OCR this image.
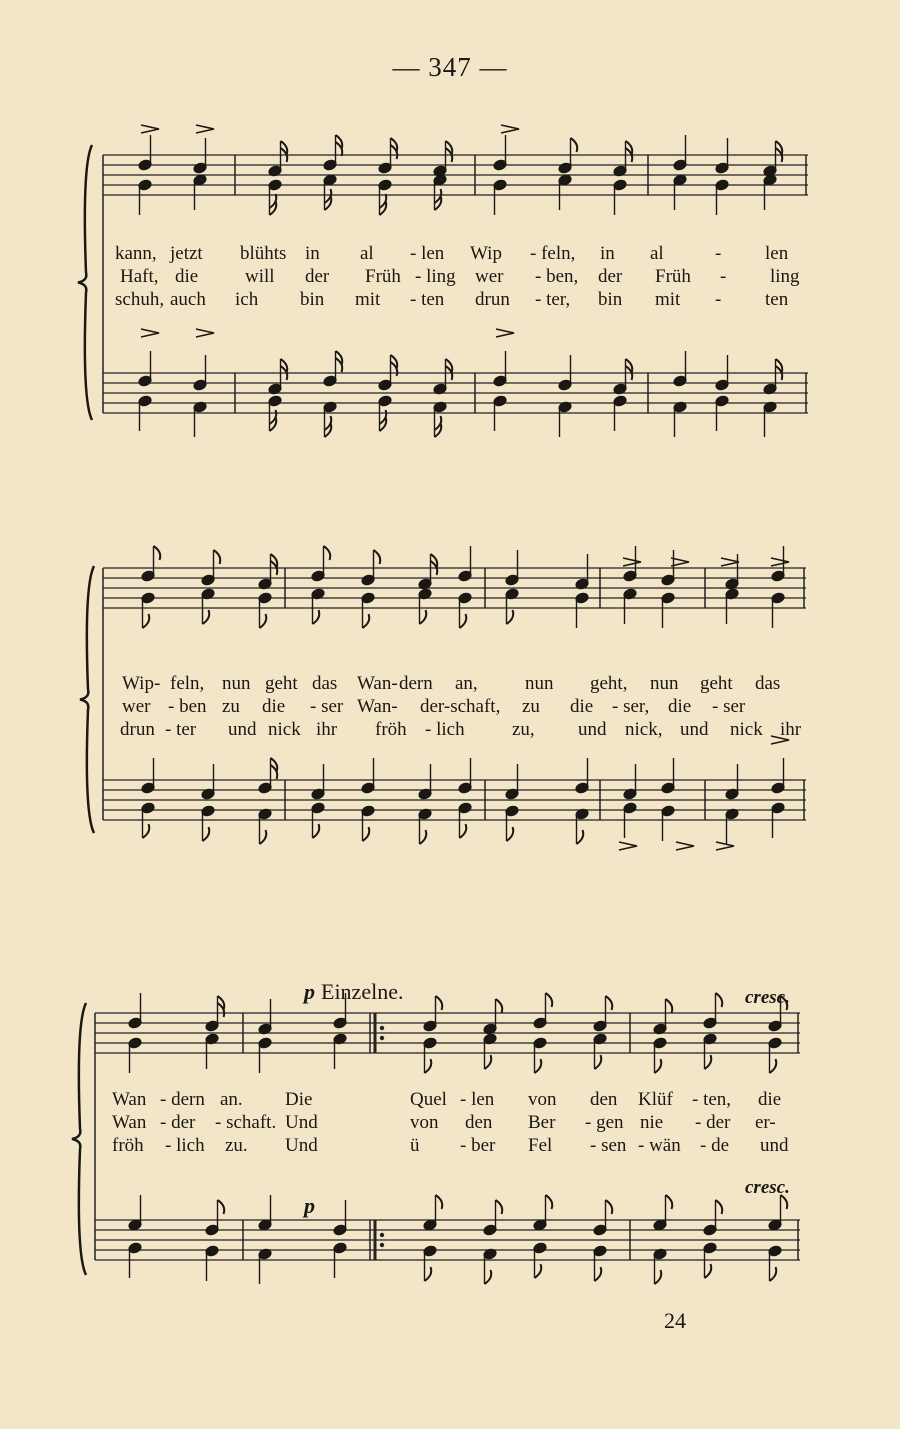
— 347 —
kann, jetzt blühts in al - len Wip - feln, in al	- len
Haft, die will der Früh - ling wer - ben, der Früh - ling
schuh, auch ich bin mit - ten drun - ter, bin mit - ten
Wip- feln, nun geht das Wan- dern an, nun geht, nun geht das
wer - ben zu die - ser Wan- der-schaft, zu die - ser, die - ser
drun - ter und nick ihr fröh - lich zu, und nick, und nick ihr
p Einzelne.	cresc.
cresc.
p
Wan - dern an. Die	Quel - len von den Klüf - ten, die
Wan - der - schaft. Und	von den Ber - gen nie - der er-
fröh - lich zu. Und	ü - ber Fel - sen - wän - de und
24
